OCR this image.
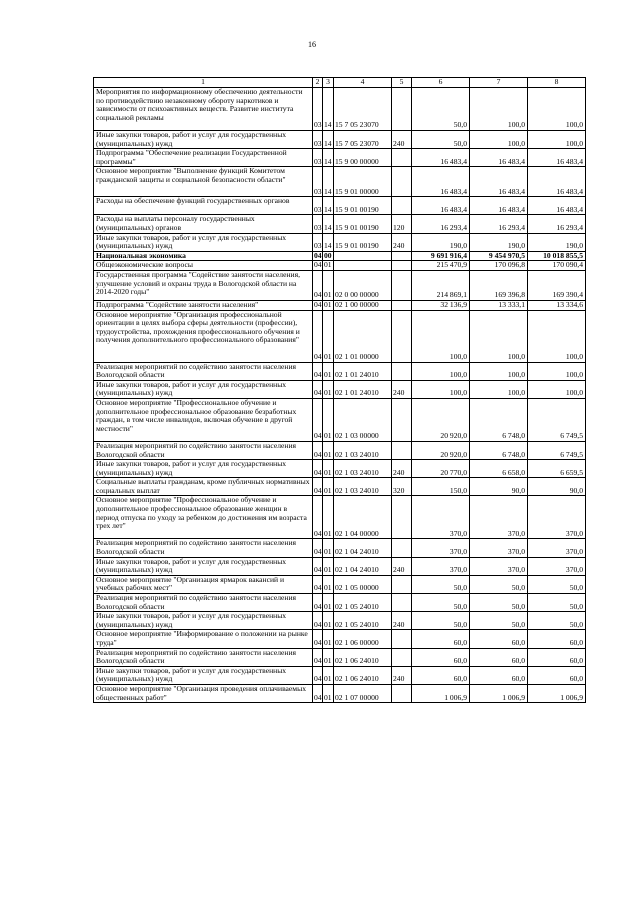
16
1	2	3	4	5	6	7	8
Мероприятия по информационному обеспечению деятельности по противодействию незаконному обороту наркотиков и зависимости от психоактивных веществ. Развитие института социальной рекламы	03	14	15 7 05 23070		50,0	100,0	100,0
Иные закупки товаров, работ и услуг для государственных (муниципальных) нужд	03	14	15 7 05 23070	240	50,0	100,0	100,0
Подпрограмма "Обеспечение реализации Государственной программы"	03	14	15 9 00 00000		16 483,4	16 483,4	16 483,4
Основное мероприятие "Выполнение функций Комитетом гражданской защиты и социальной безопасности области"	03	14	15 9 01 00000		16 483,4	16 483,4	16 483,4
Расходы на обеспечение функций государственных органов	03	14	15 9 01 00190		16 483,4	16 483,4	16 483,4
Расходы на выплаты персоналу государственных (муниципальных) органов	03	14	15 9 01 00190	120	16 293,4	16 293,4	16 293,4
Иные закупки товаров, работ и услуг для государственных (муниципальных) нужд	03	14	15 9 01 00190	240	190,0	190,0	190,0
Национальная экономика	04	00			9 691 916,4	9 454 970,5	10 018 855,5
Общеэкономические вопросы	04	01			215 470,9	170 096,8	170 090,4
Государственная программа "Содействие занятости населения, улучшение условий и охраны труда в Вологодской области на 2014-2020 годы"	04	01	02 0 00 00000		214 869,1	169 396,8	169 390,4
Подпрограмма "Содействие занятости населения"	04	01	02 1 00 00000		32 136,9	13 333,1	13 334,6
Основное мероприятие "Организация профессиональной ориентации в целях выбора сферы деятельности (профессии), трудоустройства, прохождения профессионального обучения и получения дополнительного профессионального образования"	04	01	02 1 01 00000		100,0	100,0	100,0
Реализация мероприятий по содействию занятости населения Вологодской области	04	01	02 1 01 24010		100,0	100,0	100,0
Иные закупки товаров, работ и услуг для государственных (муниципальных) нужд	04	01	02 1 01 24010	240	100,0	100,0	100,0
Основное мероприятие "Профессиональное обучение и дополнительное профессиональное образование безработных граждан, в том числе инвалидов, включая обучение в другой местности"	04	01	02 1 03 00000		20 920,0	6 748,0	6 749,5
Реализация мероприятий по содействию занятости населения Вологодской области	04	01	02 1 03 24010		20 920,0	6 748,0	6 749,5
Иные закупки товаров, работ и услуг для государственных (муниципальных) нужд	04	01	02 1 03 24010	240	20 770,0	6 658,0	6 659,5
Социальные выплаты гражданам, кроме публичных нормативных социальных выплат	04	01	02 1 03 24010	320	150,0	90,0	90,0
Основное мероприятие "Профессиональное обучение и дополнительное профессиональное образование женщин в период отпуска по уходу за ребенком до достижения им возраста трех лет"	04	01	02 1 04 00000		370,0	370,0	370,0
Реализация мероприятий по содействию занятости населения Вологодской области	04	01	02 1 04 24010		370,0	370,0	370,0
Иные закупки товаров, работ и услуг для государственных (муниципальных) нужд	04	01	02 1 04 24010	240	370,0	370,0	370,0
Основное мероприятие "Организация ярмарок вакансий и учебных рабочих мест"	04	01	02 1 05 00000		50,0	50,0	50,0
Реализация мероприятий по содействию занятости населения Вологодской области	04	01	02 1 05 24010		50,0	50,0	50,0
Иные закупки товаров, работ и услуг для государственных (муниципальных) нужд	04	01	02 1 05 24010	240	50,0	50,0	50,0
Основное мероприятие "Информирование о положении на рынке труда"	04	01	02 1 06 00000		60,0	60,0	60,0
Реализация мероприятий по содействию занятости населения Вологодской области	04	01	02 1 06 24010		60,0	60,0	60,0
Иные закупки товаров, работ и услуг для государственных (муниципальных) нужд	04	01	02 1 06 24010	240	60,0	60,0	60,0
Основное мероприятие "Организация проведения оплачиваемых общественных работ"	04	01	02 1 07 00000		1 006,9	1 006,9	1 006,9
